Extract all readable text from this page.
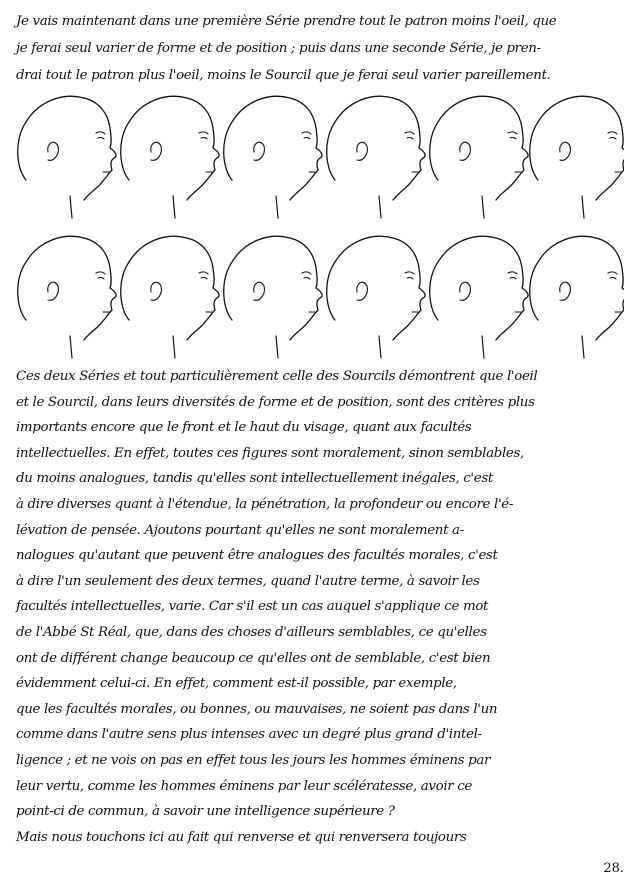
Je vais maintenant dans une première Série prendre tout le patron moins l'oeil, que
je ferai seul varier de forme et de position ; puis dans une seconde Série, je pren-
drai tout le patron plus l'oeil, moins le Sourcil que je ferai seul varier pareillement.
Ces deux Séries et tout particulièrement celle des Sourcils démontrent que l'oeil
et le Sourcil, dans leurs diversités de forme et de position, sont des critères plus
importants encore que le front et le haut du visage, quant aux facultés
intellectuelles. En effet, toutes ces figures sont moralement, sinon semblables,
du moins analogues, tandis qu'elles sont intellectuellement inégales, c'est
à dire diverses quant à l'étendue, la pénétration, la profondeur ou encore l'é-
lévation de pensée. Ajoutons pourtant qu'elles ne sont moralement a-
nalogues qu'autant que peuvent être analogues des facultés morales, c'est
à dire l'un seulement des deux termes, quand l'autre terme, à savoir les
facultés intellectuelles, varie. Car s'il est un cas auquel s'applique ce mot
de l'Abbé St Réal, que, dans des choses d'ailleurs semblables, ce qu'elles
ont de différent change beaucoup ce qu'elles ont de semblable, c'est bien
évidemment celui-ci. En effet, comment est-il possible, par exemple,
que les facultés morales, ou bonnes, ou mauvaises, ne soient pas dans l'un
comme dans l'autre sens plus intenses avec un degré plus grand d'intel-
ligence ; et ne vois on pas en effet tous les jours les hommes éminens par
leur vertu, comme les hommes éminens par leur scélératesse, avoir ce
point-ci de commun, à savoir une intelligence supérieure ?
Mais nous touchons ici au fait qui renverse et qui renversera toujours
28.
